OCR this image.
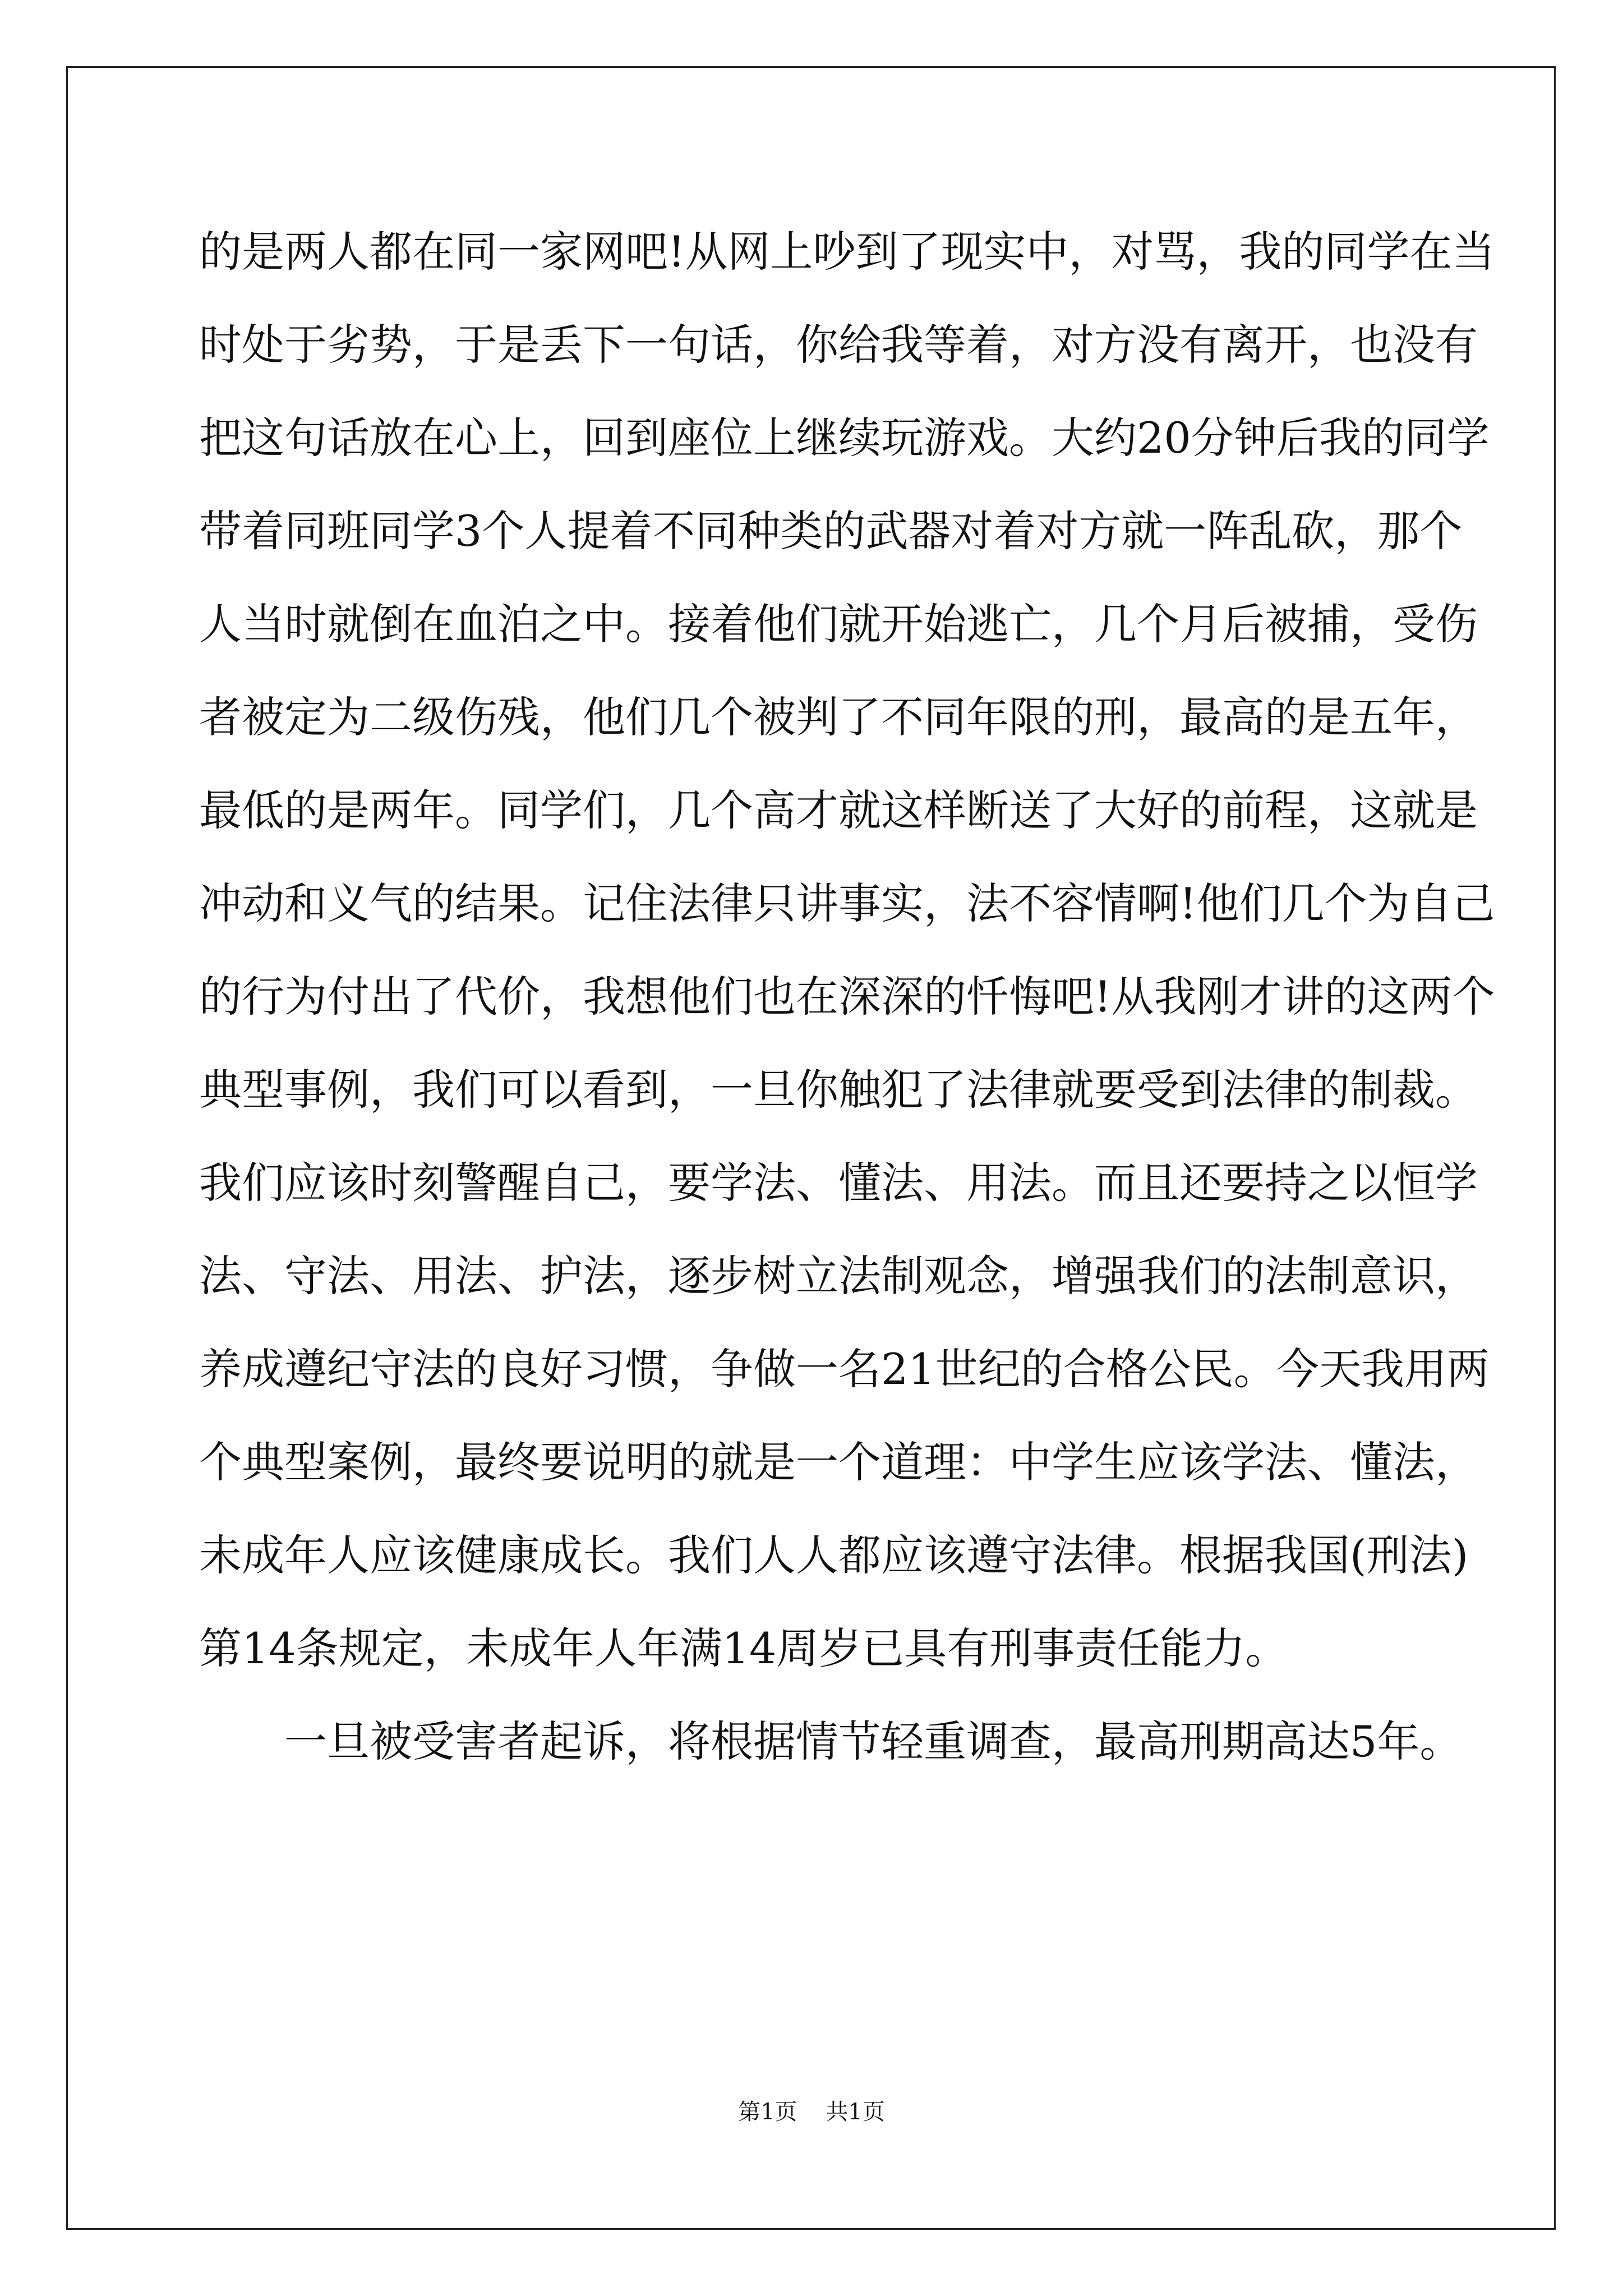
的是两人都在同一家网吧!从网上吵到了现实中，对骂，我的同学在当
时处于劣势，于是丢下一句话，你给我等着，对方没有离开，也没有
把这句话放在心上，回到座位上继续玩游戏。大约20分钟后我的同学
带着同班同学3个人提着不同种类的武器对着对方就一阵乱砍，那个
人当时就倒在血泊之中。接着他们就开始逃亡，几个月后被捕，受伤
者被定为二级伤残，他们几个被判了不同年限的刑，最高的是五年，
最低的是两年。同学们，几个高才就这样断送了大好的前程，这就是
冲动和义气的结果。记住法律只讲事实，法不容情啊!他们几个为自己
的行为付出了代价，我想他们也在深深的忏悔吧!从我刚才讲的这两个
典型事例，我们可以看到，一旦你触犯了法律就要受到法律的制裁。
我们应该时刻警醒自己，要学法、懂法、用法。而且还要持之以恒学
法、守法、用法、护法，逐步树立法制观念，增强我们的法制意识，
养成遵纪守法的良好习惯，争做一名21世纪的合格公民。今天我用两
个典型案例，最终要说明的就是一个道理：中学生应该学法、懂法，
未成年人应该健康成长。我们人人都应该遵守法律。根据我国(刑法)
第14条规定，未成年人年满14周岁已具有刑事责任能力。
一旦被受害者起诉，将根据情节轻重调查，最高刑期高达5年。
第1页 共1页
